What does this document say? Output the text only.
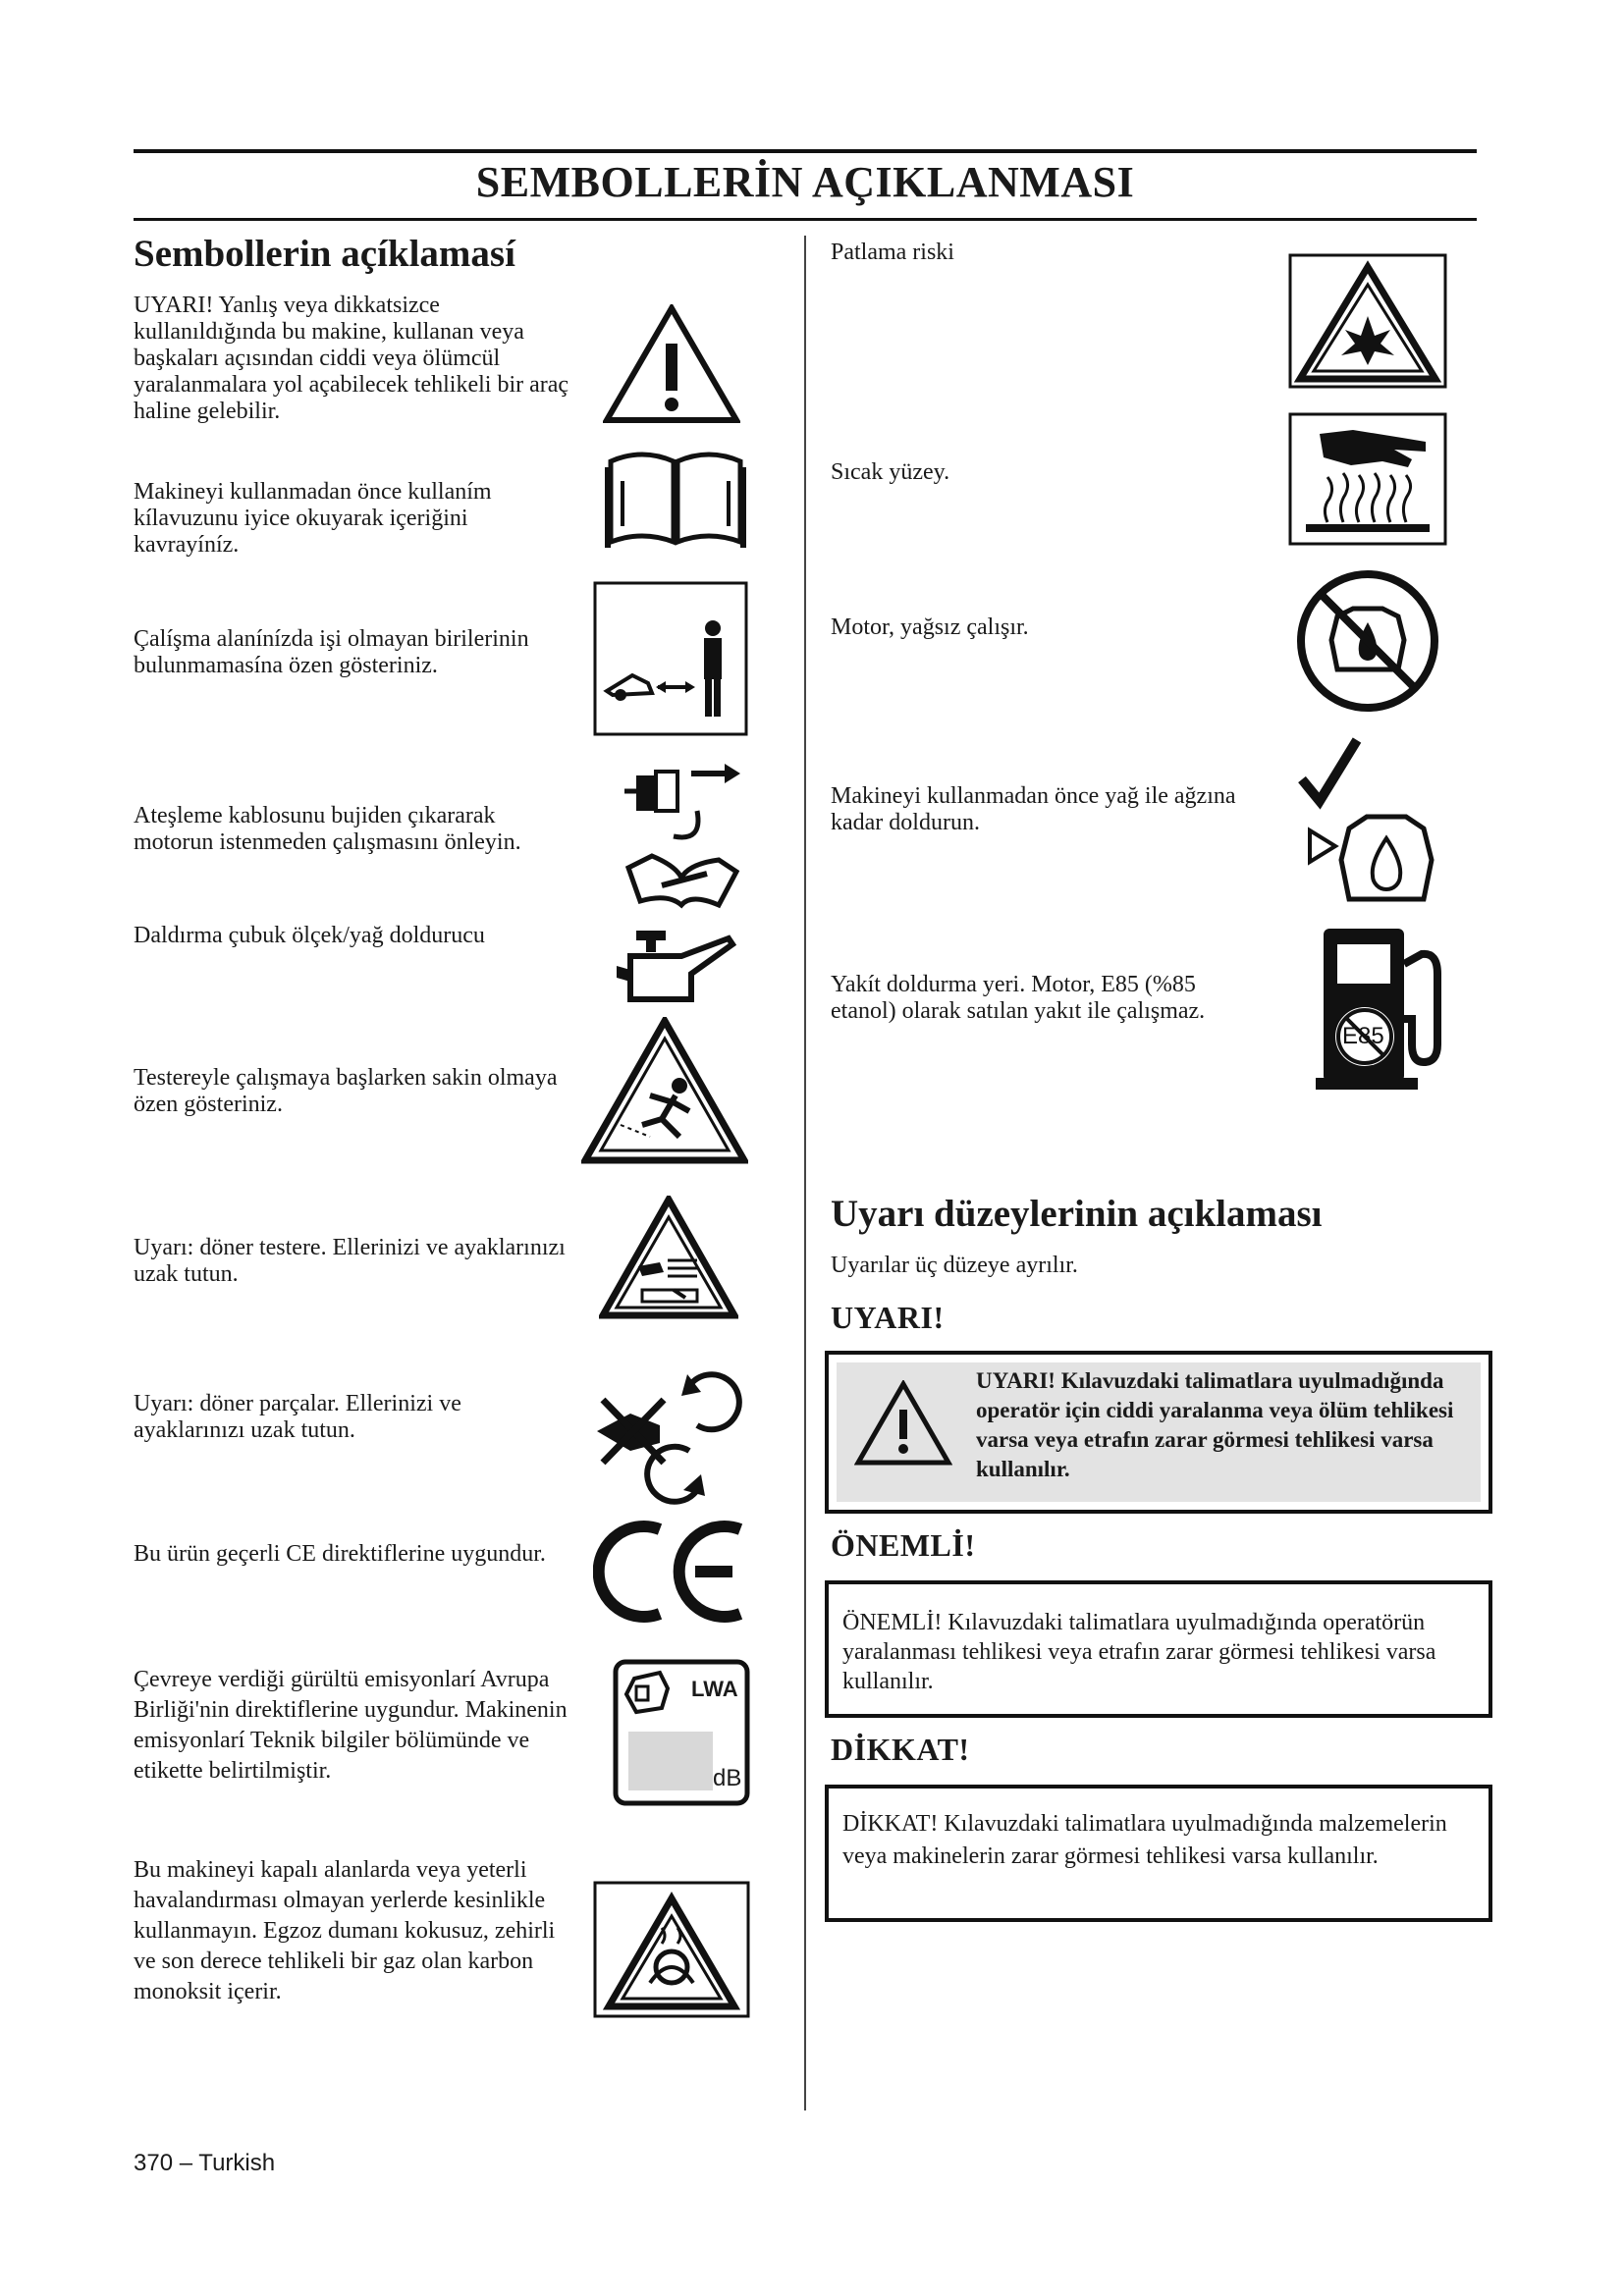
SEMBOLLERİN AÇIKLANMASI
Sembollerin açíklamasí
UYARI! Yanlış veya dikkatsizce kullanıldığında bu makine, kullanan veya başkaları açısından ciddi veya ölümcül yaralanmalara yol açabilecek tehlikeli bir araç haline gelebilir.
Makineyi kullanmadan önce kullaním kílavuzunu iyice okuyarak içeriğini kavrayíníz.
Çalíşma alanínízda işi olmayan birilerinin bulunmamasína özen gösteriniz.
Ateşleme kablosunu bujiden çıkararak motorun istenmeden çalışmasını önleyin.
Daldırma çubuk ölçek/yağ doldurucu
Testereyle çalışmaya başlarken sakin olmaya özen gösteriniz.
Uyarı: döner testere. Ellerinizi ve ayaklarınızı uzak tutun.
Uyarı: döner parçalar. Ellerinizi ve ayaklarınızı uzak tutun.
Bu ürün geçerli CE direktiflerine uygundur.
Çevreye verdiği gürültü emisyonlarí Avrupa Birliği'nin direktiflerine uygundur. Makinenin emisyonlarí Teknik bilgiler bölümünde ve etikette belirtilmiştir.
LWA
dB
Bu makineyi kapalı alanlarda veya yeterli havalandırması olmayan yerlerde kesinlikle kullanmayın. Egzoz dumanı kokusuz, zehirli ve son derece tehlikeli bir gaz olan karbon monoksit içerir.
Patlama riski
Sıcak yüzey.
Motor, yağsız çalışır.
Makineyi kullanmadan önce yağ ile ağzına kadar doldurun.
Yakít doldurma yeri. Motor, E85 (%85 etanol) olarak satılan yakıt ile çalışmaz.
E85
Uyarı düzeylerinin açıklaması
Uyarılar üç düzeye ayrılır.
UYARI!
UYARI! Kılavuzdaki talimatlara uyulmadığında operatör için ciddi yaralanma veya ölüm tehlikesi varsa veya etrafın zarar görmesi tehlikesi varsa kullanılır.
ÖNEMLİ!
ÖNEMLİ! Kılavuzdaki talimatlara uyulmadığında operatörün yaralanması tehlikesi veya etrafın zarar görmesi tehlikesi varsa kullanılır.
DİKKAT!
DİKKAT! Kılavuzdaki talimatlara uyulmadığında malzemelerin veya makinelerin zarar görmesi tehlikesi varsa kullanılır.
370 – Turkish
